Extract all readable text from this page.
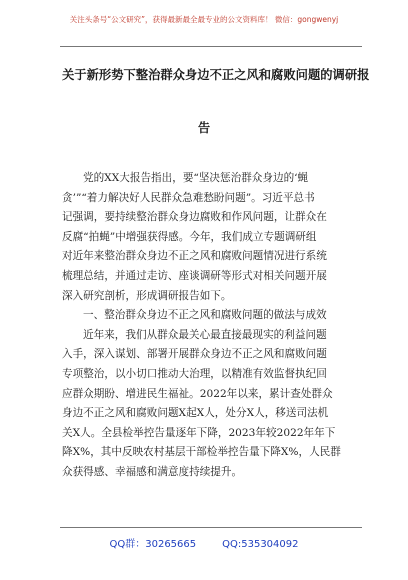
关注头条号“公文研究”，获得最新最全最专业的公文资料库！ 微信：gongwenyj
关于新形势下整治群众身边不正之风和腐败问题的调研报
告
党的XX大报告指出，要“坚决惩治群众身边的‘蝇
贪’”“着力解决好人民群众急难愁盼问题”。习近平总书
记强调，要持续整治群众身边腐败和作风问题，让群众在
反腐“拍蝇”中增强获得感。今年，我们成立专题调研组
对近年来整治群众身边不正之风和腐败问题情况进行系统
梳理总结，并通过走访、座谈调研等形式对相关问题开展
深入研究剖析，形成调研报告如下。
一、整治群众身边不正之风和腐败问题的做法与成效
近年来，我们从群众最关心最直接最现实的利益问题
入手，深入谋划、部署开展群众身边不正之风和腐败问题
专项整治，以小切口推动大治理，以精准有效监督执纪回
应群众期盼、增进民生福祉。2022年以来，累计查处群众
身边不正之风和腐败问题X起X人，处分X人，移送司法机
关X人。全县检举控告量逐年下降，2023年较2022年年下
降X%，其中反映农村基层干部检举控告量下降X%，人民群
众获得感、幸福感和满意度持续提升。
QQ群：30265665	QQ:535304092
